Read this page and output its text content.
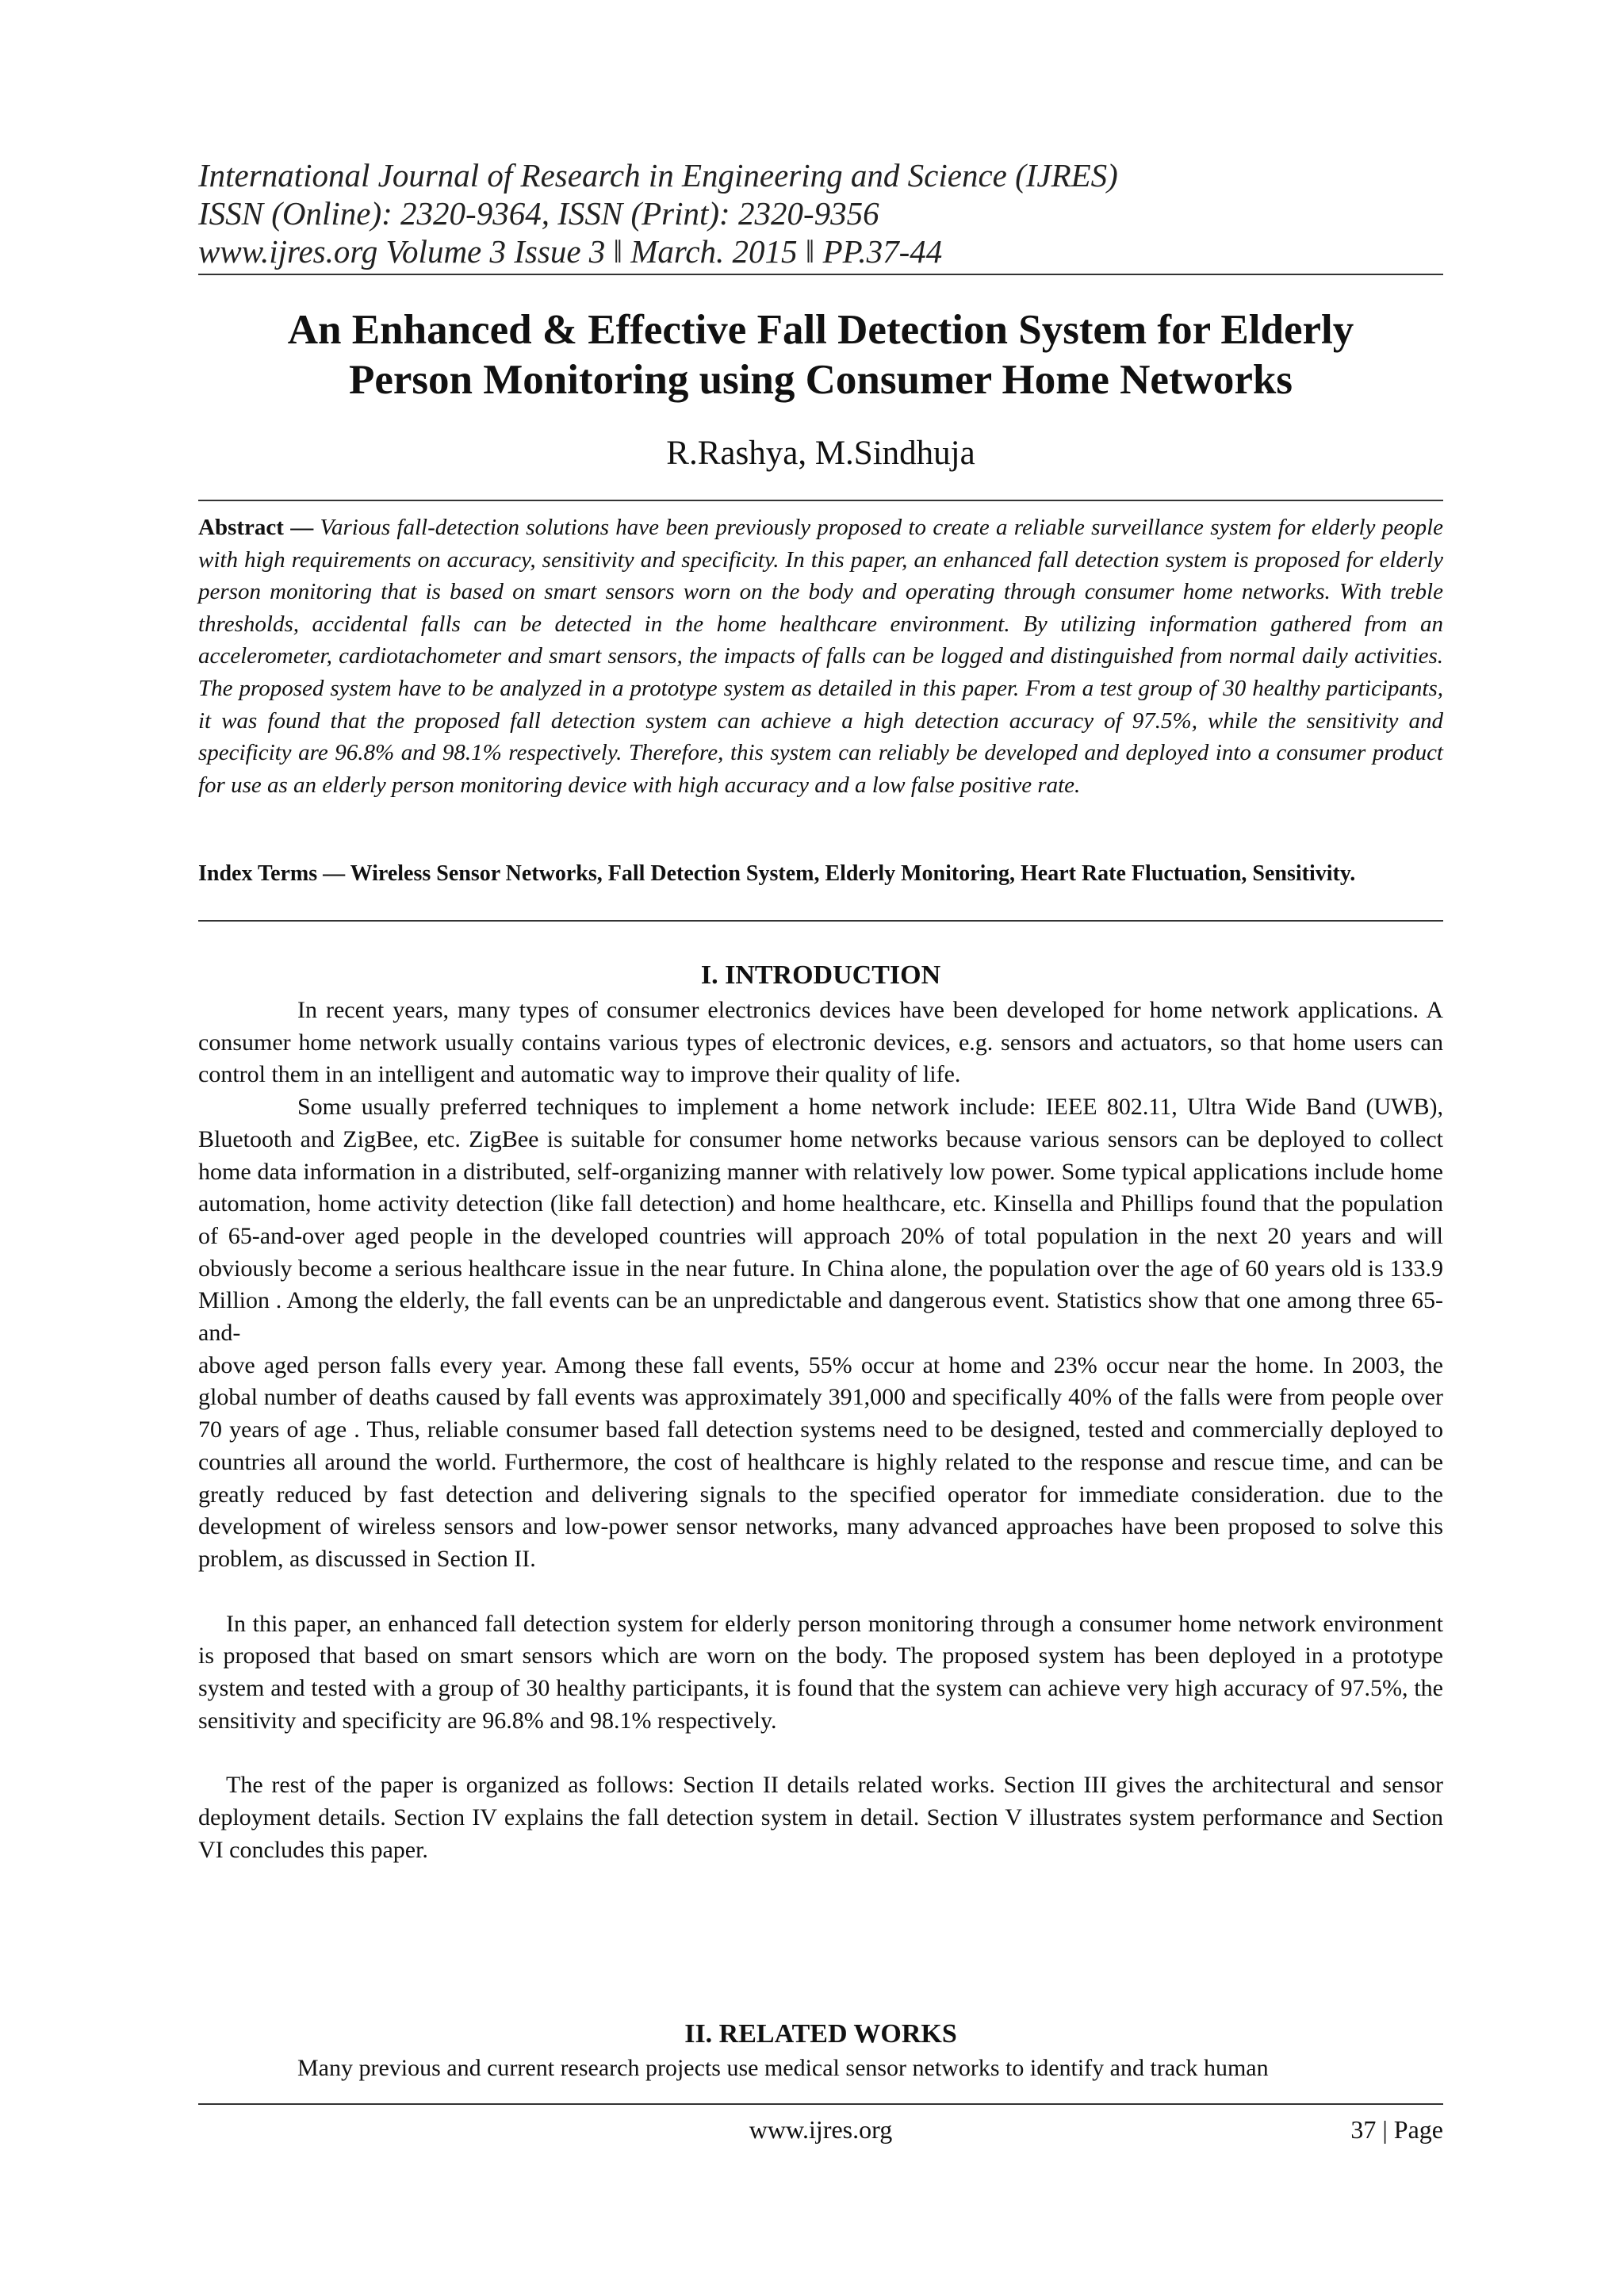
International Journal of Research in Engineering and Science (IJRES)
ISSN (Online): 2320-9364, ISSN (Print): 2320-9356
www.ijres.org Volume 3 Issue 3 ǁ March. 2015 ǁ PP.37-44
An Enhanced & Effective Fall Detection System for Elderly
Person Monitoring using Consumer Home Networks
R.Rashya, M.Sindhuja
Abstract — Various fall-detection solutions have been previously proposed to create a reliable surveillance system for elderly people with high requirements on accuracy, sensitivity and specificity. In this paper, an enhanced fall detection system is proposed for elderly person monitoring that is based on smart sensors worn on the body and operating through consumer home networks. With treble thresholds, accidental falls can be detected in the home healthcare environment. By utilizing information gathered from an accelerometer, cardiotachometer and smart sensors, the impacts of falls can be logged and distinguished from normal daily activities. The proposed system have to be analyzed in a prototype system as detailed in this paper. From a test group of 30 healthy participants, it was found that the proposed fall detection system can achieve a high detection accuracy of 97.5%, while the sensitivity and specificity are 96.8% and 98.1% respectively. Therefore, this system can reliably be developed and deployed into a consumer product for use as an elderly person monitoring device with high accuracy and a low false positive rate.
Index Terms — Wireless Sensor Networks, Fall Detection System, Elderly Monitoring, Heart Rate Fluctuation, Sensitivity.
I. INTRODUCTION

In recent years, many types of consumer electronics devices have been developed for home network applications. A consumer home network usually contains various types of electronic devices, e.g. sensors and actuators, so that home users can control them in an intelligent and automatic way to improve their quality of life.

Some usually preferred techniques to implement a home network include: IEEE 802.11, Ultra Wide Band (UWB), Bluetooth and ZigBee, etc. ZigBee is suitable for consumer home networks because various sensors can be deployed to collect home data information in a distributed, self-organizing manner with relatively low power. Some typical applications include home automation, home activity detection (like fall detection) and home healthcare, etc. Kinsella and Phillips found that the population of 65-and-over aged people in the developed countries will approach 20% of total population in the next 20 years and will obviously become a serious healthcare issue in the near future. In China alone, the population over the age of 60 years old is 133.9 Million . Among the elderly, the fall events can be an unpredictable and dangerous event. Statistics show that one among three 65-and-

above aged person falls every year. Among these fall events, 55% occur at home and 23% occur near the home. In 2003, the global number of deaths caused by fall events was approximately 391,000 and specifically 40% of the falls were from people over 70 years of age . Thus, reliable consumer based fall detection systems need to be designed, tested and commercially deployed to countries all around the world. Furthermore, the cost of healthcare is highly related to the response and rescue time, and can be greatly reduced by fast detection and delivering signals to the specified operator for immediate consideration. due to the development of wireless sensors and low-power sensor networks, many advanced approaches have been proposed to solve this problem, as discussed in Section II.

In this paper, an enhanced fall detection system for elderly person monitoring through a consumer home network environment is proposed that based on smart sensors which are worn on the body. The proposed system has been deployed in a prototype system and tested with a group of 30 healthy participants, it is found that the system can achieve very high accuracy of 97.5%, the sensitivity and specificity are 96.8% and 98.1% respectively.

The rest of the paper is organized as follows: Section II details related works. Section III gives the architectural and sensor deployment details. Section IV explains the fall detection system in detail. Section V illustrates system performance and Section VI concludes this paper.

II. RELATED WORKS

Many previous and current research projects use medical sensor networks to identify and track human

www.ijres.org	37 | Page
